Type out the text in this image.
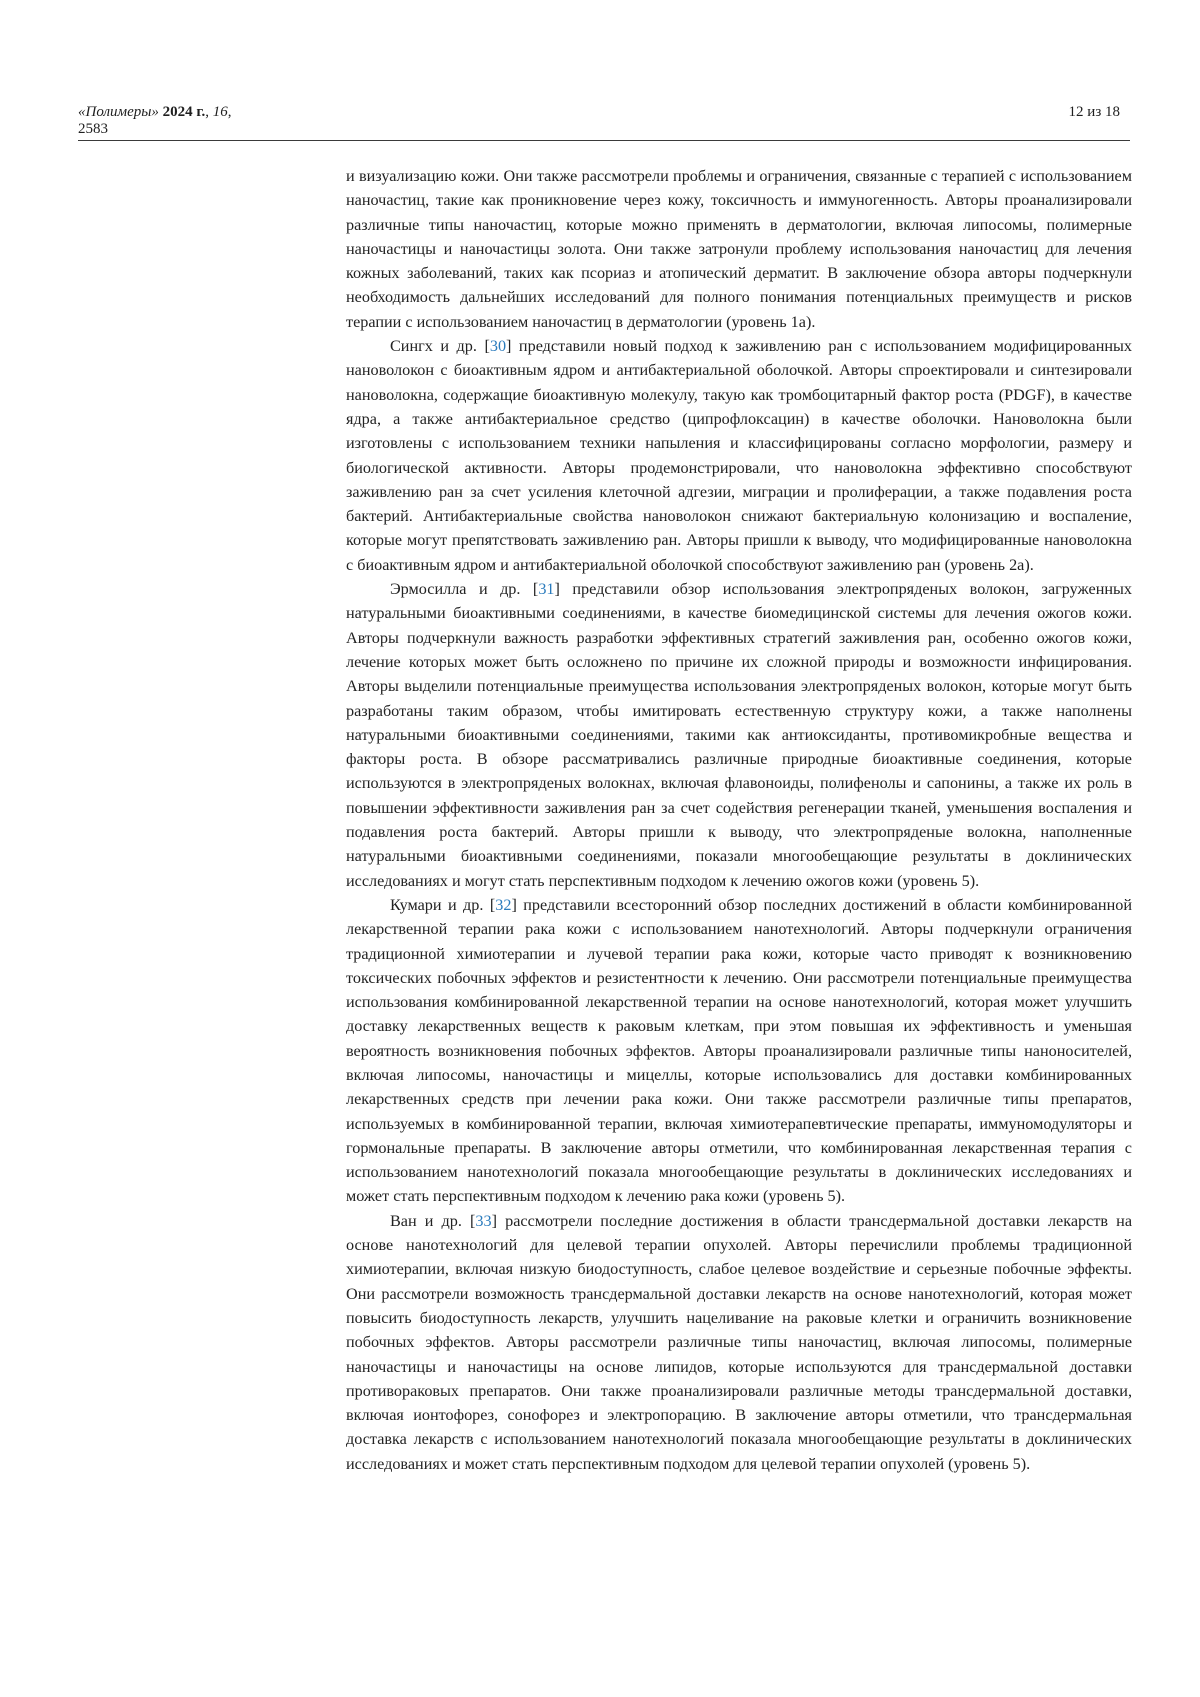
«Полимеры» 2024 г., 16, 2583
12 из 18

и визуализацию кожи. Они также рассмотрели проблемы и ограничения, связанные с терапией с использованием наночастиц, такие как проникновение через кожу, токсичность и иммуногенность. Авторы проанализировали различные типы наночастиц, которые можно применять в дерматологии, включая липосомы, полимерные наночастицы и наночастицы золота. Они также затронули проблему использования наночастиц для лечения кожных заболеваний, таких как псориаз и атопический дерматит. В заключение обзора авторы подчеркнули необходимость дальнейших исследований для полного понимания потенциальных преимуществ и рисков терапии с использованием наночастиц в дерматологии (уровень 1а).

Сингх и др. [30] представили новый подход к заживлению ран с использованием модифицированных нановолокон с биоактивным ядром и антибактериальной оболочкой. Авторы спроектировали и синтезировали нановолокна, содержащие биоактивную молекулу, такую как тромбоцитарный фактор роста (PDGF), в качестве ядра, а также антибактериальное средство (ципрофлоксацин) в качестве оболочки. Нановолокна были изготовлены с использованием техники напыления и классифицированы согласно морфологии, размеру и биологической активности. Авторы продемонстрировали, что нановолокна эффективно способствуют заживлению ран за счет усиления клеточной адгезии, миграции и пролиферации, а также подавления роста бактерий. Антибактериальные свойства нановолокон снижают бактериальную колонизацию и воспаление, которые могут препятствовать заживлению ран. Авторы пришли к выводу, что модифицированные нановолокна с биоактивным ядром и антибактериальной оболочкой способствуют заживлению ран (уровень 2а).

Эрмосилла и др. [31] представили обзор использования электропряденых волокон, загруженных натуральными биоактивными соединениями, в качестве биомедицинской системы для лечения ожогов кожи. Авторы подчеркнули важность разработки эффективных стратегий заживления ран, особенно ожогов кожи, лечение которых может быть осложнено по причине их сложной природы и возможности инфицирования. Авторы выделили потенциальные преимущества использования электропряденых волокон, которые могут быть разработаны таким образом, чтобы имитировать естественную структуру кожи, а также наполнены натуральными биоактивными соединениями, такими как антиоксиданты, противомикробные вещества и факторы роста. В обзоре рассматривались различные природные биоактивные соединения, которые используются в электропряденых волокнах, включая флавоноиды, полифенолы и сапонины, а также их роль в повышении эффективности заживления ран за счет содействия регенерации тканей, уменьшения воспаления и подавления роста бактерий. Авторы пришли к выводу, что электропряденые волокна, наполненные натуральными биоактивными соединениями, показали многообещающие результаты в доклинических исследованиях и могут стать перспективным подходом к лечению ожогов кожи (уровень 5).

Кумари и др. [32] представили всесторонний обзор последних достижений в области комбинированной лекарственной терапии рака кожи с использованием нанотехнологий. Авторы подчеркнули ограничения традиционной химиотерапии и лучевой терапии рака кожи, которые часто приводят к возникновению токсических побочных эффектов и резистентности к лечению. Они рассмотрели потенциальные преимущества использования комбинированной лекарственной терапии на основе нанотехнологий, которая может улучшить доставку лекарственных веществ к раковым клеткам, при этом повышая их эффективность и уменьшая вероятность возникновения побочных эффектов. Авторы проанализировали различные типы наноносителей, включая липосомы, наночастицы и мицеллы, которые использовались для доставки комбинированных лекарственных средств при лечении рака кожи. Они также рассмотрели различные типы препаратов, используемых в комбинированной терапии, включая химиотерапевтические препараты, иммуномодуляторы и гормональные препараты. В заключение авторы отметили, что комбинированная лекарственная терапия с использованием нанотехнологий показала многообещающие результаты в доклинических исследованиях и может стать перспективным подходом к лечению рака кожи (уровень 5).

Ван и др. [33] рассмотрели последние достижения в области трансдермальной доставки лекарств на основе нанотехнологий для целевой терапии опухолей. Авторы перечислили проблемы традиционной химиотерапии, включая низкую биодоступность, слабое целевое воздействие и серьезные побочные эффекты. Они рассмотрели возможность трансдермальной доставки лекарств на основе нанотехнологий, которая может повысить биодоступность лекарств, улучшить нацеливание на раковые клетки и ограничить возникновение побочных эффектов. Авторы рассмотрели различные типы наночастиц, включая липосомы, полимерные наночастицы и наночастицы на основе липидов, которые используются для трансдермальной доставки противораковых препаратов. Они также проанализировали различные методы трансдермальной доставки, включая ионтофорез, сонофорез и электропорацию. В заключение авторы отметили, что трансдермальная доставка лекарств с использованием нанотехнологий показала многообещающие результаты в доклинических исследованиях и может стать перспективным подходом для целевой терапии опухолей (уровень 5).
